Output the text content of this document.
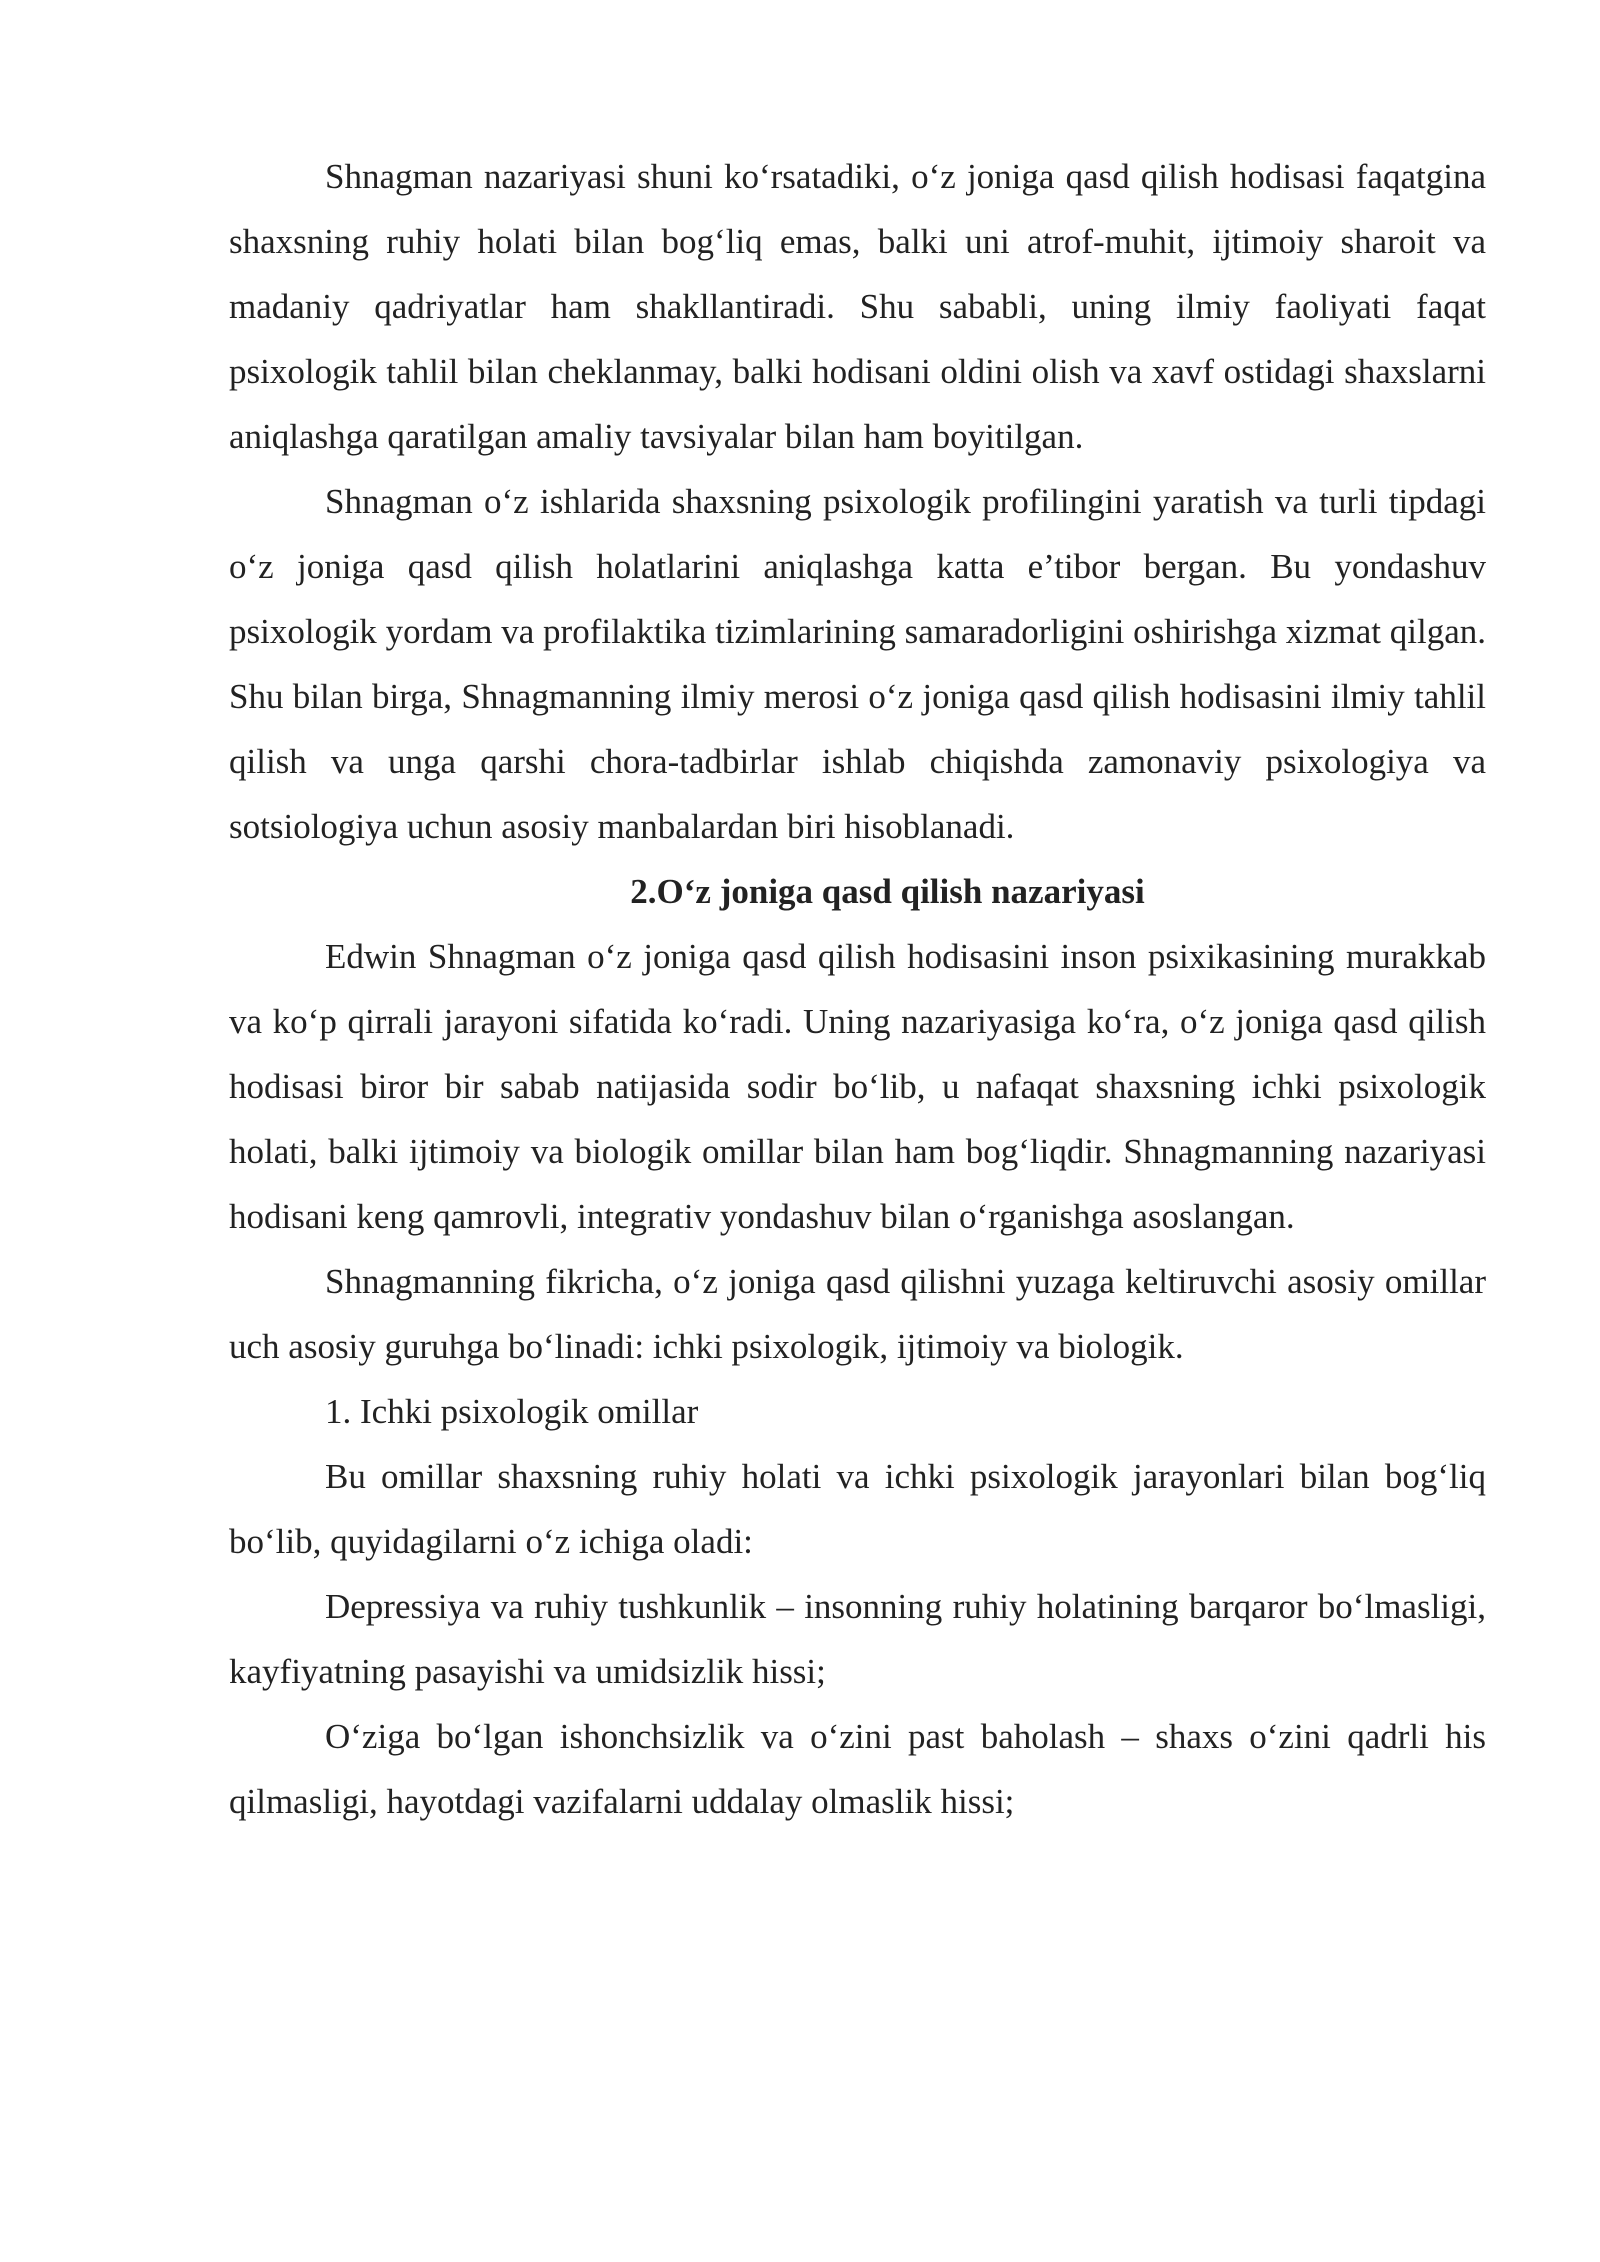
Shnagman nazariyasi shuni ko‘rsatadiki, o‘z joniga qasd qilish hodisasi faqatgina shaxsning ruhiy holati bilan bog‘liq emas, balki uni atrof-muhit, ijtimoiy sharoit va madaniy qadriyatlar ham shakllantiradi. Shu sababli, uning ilmiy faoliyati faqat psixologik tahlil bilan cheklanmay, balki hodisani oldini olish va xavf ostidagi shaxslarni aniqlashga qaratilgan amaliy tavsiyalar bilan ham boyitilgan.

Shnagman o‘z ishlarida shaxsning psixologik profilingini yaratish va turli tipdagi o‘z joniga qasd qilish holatlarini aniqlashga katta e’tibor bergan. Bu yondashuv psixologik yordam va profilaktika tizimlarining samaradorligini oshirishga xizmat qilgan. Shu bilan birga, Shnagmanning ilmiy merosi o‘z joniga qasd qilish hodisasini ilmiy tahlil qilish va unga qarshi chora-tadbirlar ishlab chiqishda zamonaviy psixologiya va sotsiologiya uchun asosiy manbalardan biri hisoblanadi.

2.O‘z joniga qasd qilish nazariyasi

Edwin Shnagman o‘z joniga qasd qilish hodisasini inson psixikasining murakkab va ko‘p qirrali jarayoni sifatida ko‘radi. Uning nazariyasiga ko‘ra, o‘z joniga qasd qilish hodisasi biror bir sabab natijasida sodir bo‘lib, u nafaqat shaxsning ichki psixologik holati, balki ijtimoiy va biologik omillar bilan ham bog‘liqdir. Shnagmanning nazariyasi hodisani keng qamrovli, integrativ yondashuv bilan o‘rganishga asoslangan.

Shnagmanning fikricha, o‘z joniga qasd qilishni yuzaga keltiruvchi asosiy omillar uch asosiy guruhga bo‘linadi: ichki psixologik, ijtimoiy va biologik.

1. Ichki psixologik omillar

Bu omillar shaxsning ruhiy holati va ichki psixologik jarayonlari bilan bog‘liq bo‘lib, quyidagilarni o‘z ichiga oladi:

Depressiya va ruhiy tushkunlik – insonning ruhiy holatining barqaror bo‘lmasligi, kayfiyatning pasayishi va umidsizlik hissi;

O‘ziga bo‘lgan ishonchsizlik va o‘zini past baholash – shaxs o‘zini qadrli his qilmasligi, hayotdagi vazifalarni uddalay olmaslik hissi;
